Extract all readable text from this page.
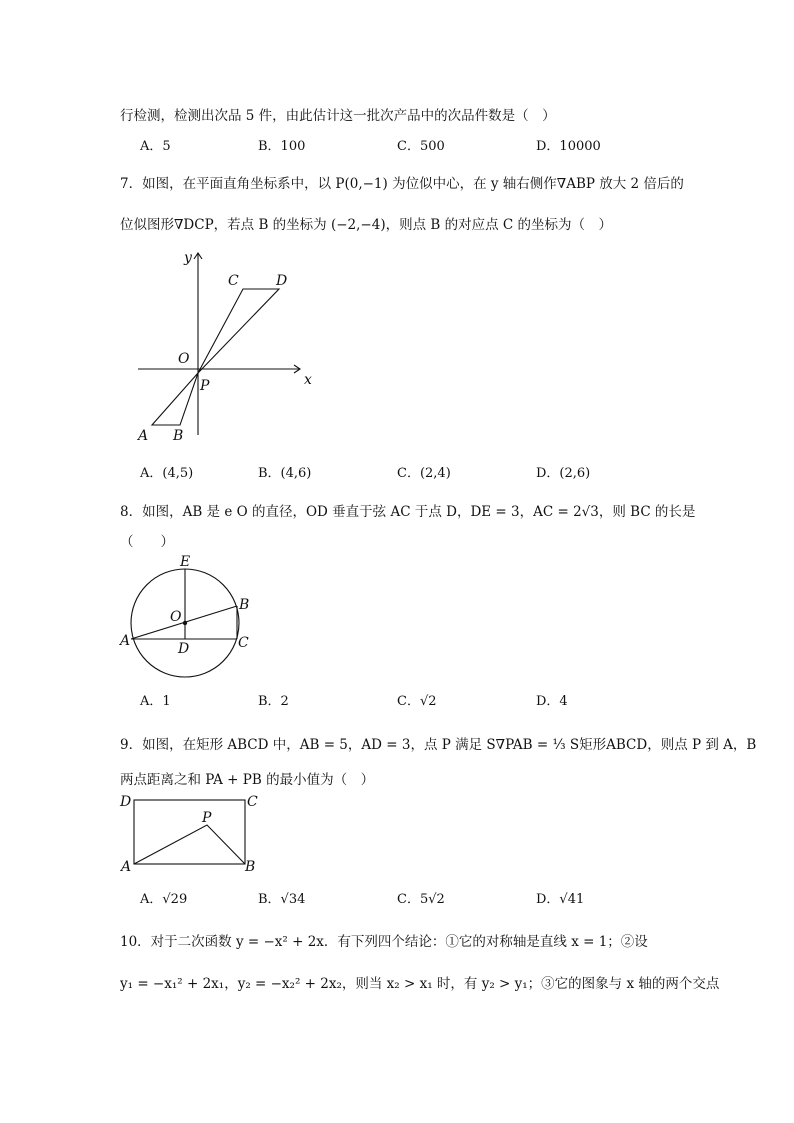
行检测，检测出次品 5 件，由此估计这一批次产品中的次品件数是（　）
A．5	B．100	C．500	D．10000
7．如图，在平面直角坐标系中，以 P(0,−1) 为位似中心，在 y 轴右侧作∇ABP 放大 2 倍后的
位似图形∇DCP，若点 B 的坐标为 (−2,−4)，则点 B 的对应点 C 的坐标为（　）
y
x
O
P
A B
C	D
A．(4,5)	B．(4,6)	C．(2,4)	D．(2,6)
8．如图，AB 是 e O 的直径，OD 垂直于弦 AC 于点 D，DE = 3，AC = 2√3，则 BC 的长是
（　　）
E
O
B
A	D	C
A．1	B．2	C．√2	D．4
9．如图，在矩形 ABCD 中，AB = 5，AD = 3，点 P 满足 S∇PAB = ⅓ S矩形ABCD，则点 P 到 A，B
两点距离之和 PA + PB 的最小值为（　）
D	C
P
A	B
A．√29	B．√34	C．5√2	D．√41
10．对于二次函数 y = −x² + 2x．有下列四个结论：①它的对称轴是直线 x = 1；②设
y₁ = −x₁² + 2x₁，y₂ = −x₂² + 2x₂，则当 x₂ > x₁ 时，有 y₂ > y₁；③它的图象与 x 轴的两个交点
